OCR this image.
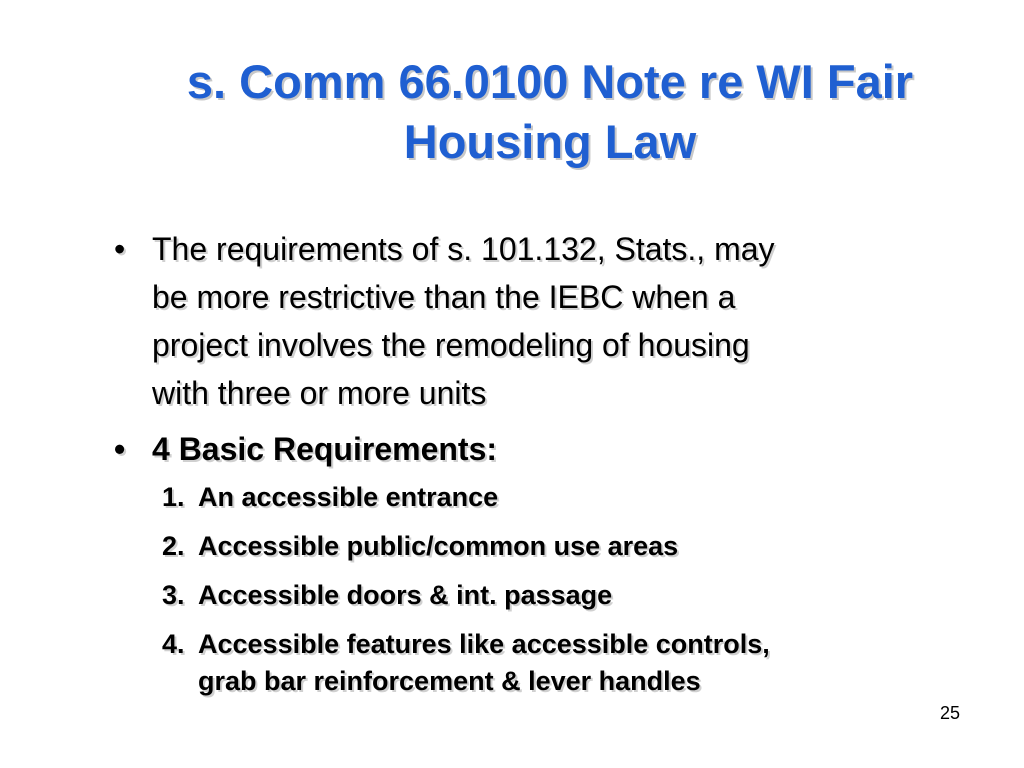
s. Comm 66.0100 Note re WI Fair
Housing Law
• The requirements of s. 101.132, Stats., may
be more restrictive than the IEBC when a
project involves the remodeling of housing
with three or more units
• 4 Basic Requirements:
1. An accessible entrance
2. Accessible public/common use areas
3. Accessible doors & int. passage
4. Accessible features like accessible controls,
grab bar reinforcement & lever handles
25
